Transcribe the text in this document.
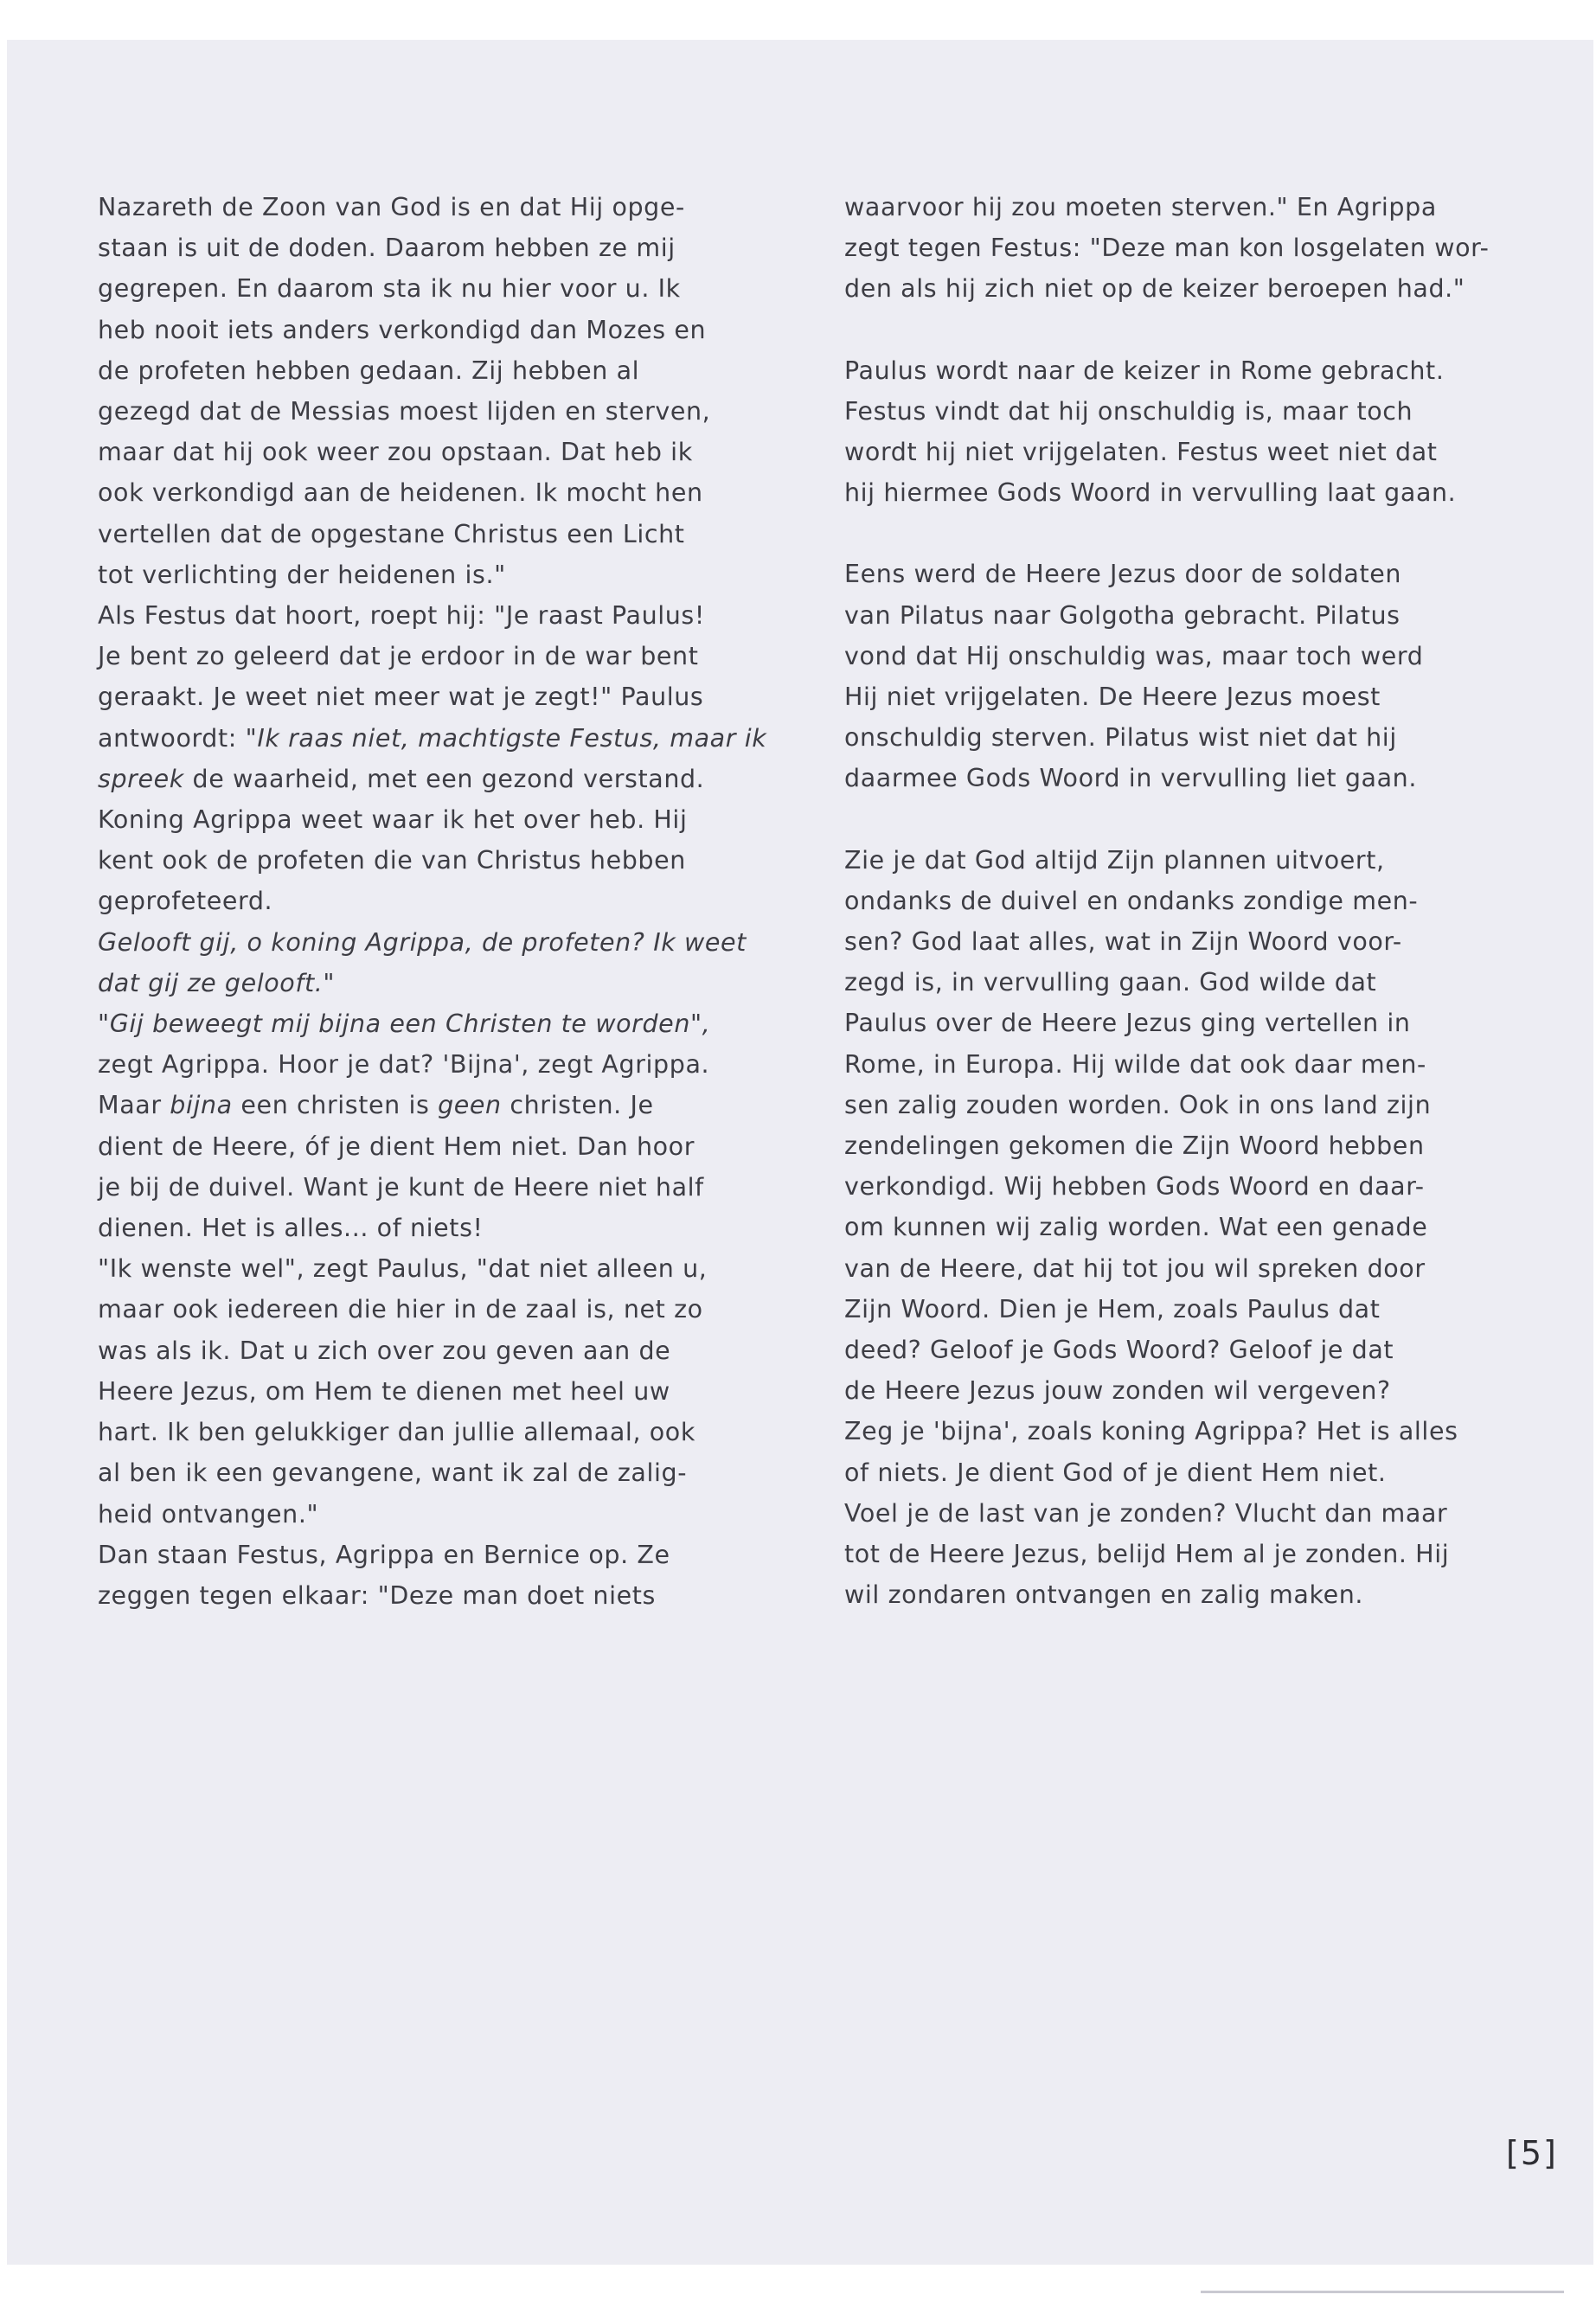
Nazareth de Zoon van God is en dat Hij opge-
staan is uit de doden. Daarom hebben ze mij
gegrepen. En daarom sta ik nu hier voor u. Ik
heb nooit iets anders verkondigd dan Mozes en
de profeten hebben gedaan. Zij hebben al
gezegd dat de Messias moest lijden en sterven,
maar dat hij ook weer zou opstaan. Dat heb ik
ook verkondigd aan de heidenen. Ik mocht hen
vertellen dat de opgestane Christus een Licht
tot verlichting der heidenen is."
Als Festus dat hoort, roept hij: "Je raast Paulus!
Je bent zo geleerd dat je erdoor in de war bent
geraakt. Je weet niet meer wat je zegt!" Paulus
antwoordt: "Ik raas niet, machtigste Festus, maar ik
spreek de waarheid, met een gezond verstand.
Koning Agrippa weet waar ik het over heb. Hij
kent ook de profeten die van Christus hebben
geprofeteerd.
Gelooft gij, o koning Agrippa, de profeten? Ik weet
dat gij ze gelooft."
"Gij beweegt mij bijna een Christen te worden",
zegt Agrippa. Hoor je dat? 'Bijna', zegt Agrippa.
Maar bijna een christen is geen christen. Je
dient de Heere, óf je dient Hem niet. Dan hoor
je bij de duivel. Want je kunt de Heere niet half
dienen. Het is alles... of niets!
"Ik wenste wel", zegt Paulus, "dat niet alleen u,
maar ook iedereen die hier in de zaal is, net zo
was als ik. Dat u zich over zou geven aan de
Heere Jezus, om Hem te dienen met heel uw
hart. Ik ben gelukkiger dan jullie allemaal, ook
al ben ik een gevangene, want ik zal de zalig-
heid ontvangen."
Dan staan Festus, Agrippa en Bernice op. Ze
zeggen tegen elkaar: "Deze man doet niets
waarvoor hij zou moeten sterven." En Agrippa
zegt tegen Festus: "Deze man kon losgelaten wor-
den als hij zich niet op de keizer beroepen had."
Paulus wordt naar de keizer in Rome gebracht.
Festus vindt dat hij onschuldig is, maar toch
wordt hij niet vrijgelaten. Festus weet niet dat
hij hiermee Gods Woord in vervulling laat gaan.
Eens werd de Heere Jezus door de soldaten
van Pilatus naar Golgotha gebracht. Pilatus
vond dat Hij onschuldig was, maar toch werd
Hij niet vrijgelaten. De Heere Jezus moest
onschuldig sterven. Pilatus wist niet dat hij
daarmee Gods Woord in vervulling liet gaan.
Zie je dat God altijd Zijn plannen uitvoert,
ondanks de duivel en ondanks zondige men-
sen? God laat alles, wat in Zijn Woord voor-
zegd is, in vervulling gaan. God wilde dat
Paulus over de Heere Jezus ging vertellen in
Rome, in Europa. Hij wilde dat ook daar men-
sen zalig zouden worden. Ook in ons land zijn
zendelingen gekomen die Zijn Woord hebben
verkondigd. Wij hebben Gods Woord en daar-
om kunnen wij zalig worden. Wat een genade
van de Heere, dat hij tot jou wil spreken door
Zijn Woord. Dien je Hem, zoals Paulus dat
deed? Geloof je Gods Woord? Geloof je dat
de Heere Jezus jouw zonden wil vergeven?
Zeg je 'bijna', zoals koning Agrippa? Het is alles
of niets. Je dient God of je dient Hem niet.
Voel je de last van je zonden? Vlucht dan maar
tot de Heere Jezus, belijd Hem al je zonden. Hij
wil zondaren ontvangen en zalig maken.
[5]
